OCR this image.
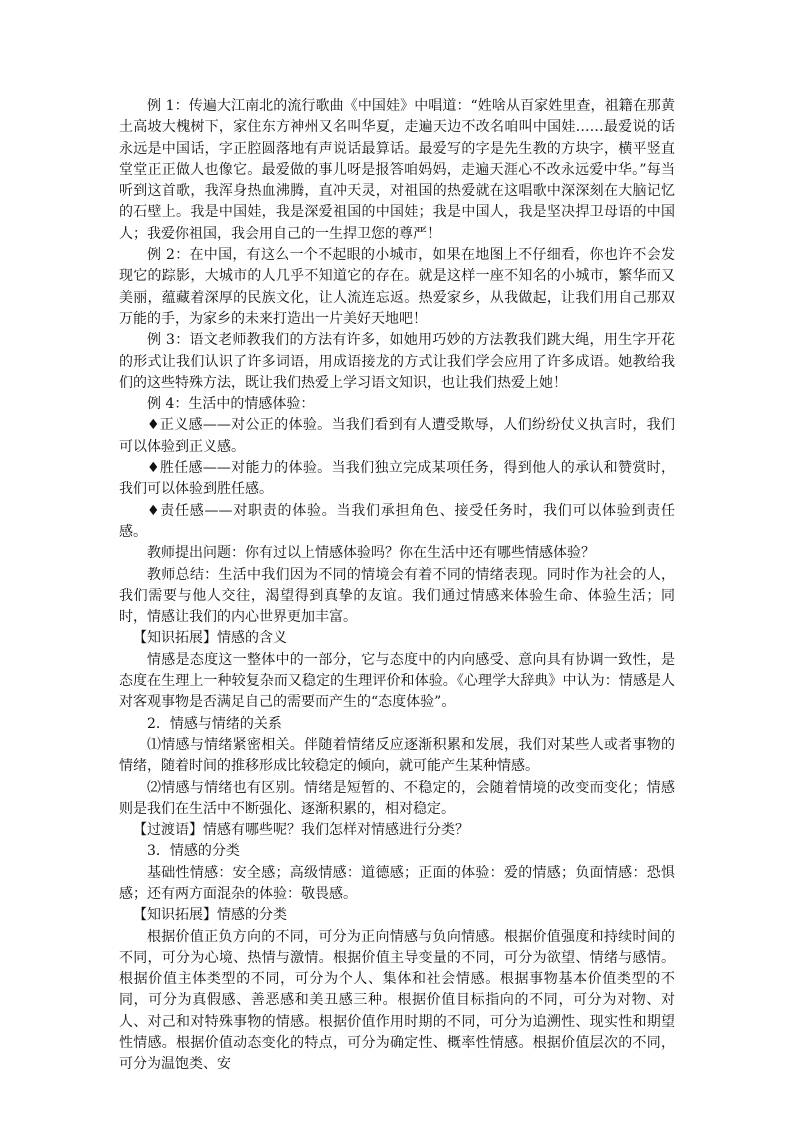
例 1：传遍大江南北的流行歌曲《中国娃》中唱道：“姓啥从百家姓里查，祖籍在那黄土高坡大槐树下，家住东方神州又名叫华夏，走遍天边不改名咱叫中国娃……最爱说的话永远是中国话，字正腔圆落地有声说话最算话。最爱写的字是先生教的方块字，横平竖直堂堂正正做人也像它。最爱做的事儿呀是报答咱妈妈，走遍天涯心不改永远爱中华。”每当听到这首歌，我浑身热血沸腾，直冲天灵，对祖国的热爱就在这唱歌中深深刻在大脑记忆的石壁上。我是中国娃，我是深爱祖国的中国娃；我是中国人，我是坚决捍卫母语的中国人；我爱你祖国，我会用自己的一生捍卫您的尊严！

例 2：在中国，有这么一个不起眼的小城市，如果在地图上不仔细看，你也许不会发现它的踪影，大城市的人几乎不知道它的存在。就是这样一座不知名的小城市，繁华而又美丽，蕴藏着深厚的民族文化，让人流连忘返。热爱家乡，从我做起，让我们用自己那双万能的手，为家乡的未来打造出一片美好天地吧！

例 3：语文老师教我们的方法有许多，如她用巧妙的方法教我们跳大绳，用生字开花的形式让我们认识了许多词语，用成语接龙的方式让我们学会应用了许多成语。她教给我们的这些特殊方法，既让我们热爱上学习语文知识，也让我们热爱上她！

例 4：生活中的情感体验：

♦正义感——对公正的体验。当我们看到有人遭受欺辱，人们纷纷仗义执言时，我们可以体验到正义感。

♦胜任感——对能力的体验。当我们独立完成某项任务，得到他人的承认和赞赏时，我们可以体验到胜任感。

♦责任感——对职责的体验。当我们承担角色、接受任务时，我们可以体验到责任感。

教师提出问题：你有过以上情感体验吗？你在生活中还有哪些情感体验？

教师总结：生活中我们因为不同的情境会有着不同的情绪表现。同时作为社会的人，我们需要与他人交往，渴望得到真挚的友谊。我们通过情感来体验生命、体验生活；同时，情感让我们的内心世界更加丰富。

【知识拓展】情感的含义

情感是态度这一整体中的一部分，它与态度中的内向感受、意向具有协调一致性，是态度在生理上一种较复杂而又稳定的生理评价和体验。《心理学大辞典》中认为：情感是人对客观事物是否满足自己的需要而产生的“态度体验”。

2．情感与情绪的关系

⑴情感与情绪紧密相关。伴随着情绪反应逐渐积累和发展，我们对某些人或者事物的情绪，随着时间的推移形成比较稳定的倾向，就可能产生某种情感。

⑵情感与情绪也有区别。情绪是短暂的、不稳定的，会随着情境的改变而变化；情感则是我们在生活中不断强化、逐渐积累的，相对稳定。

【过渡语】情感有哪些呢？我们怎样对情感进行分类？

3．情感的分类

基础性情感：安全感；高级情感：道德感；正面的体验：爱的情感；负面情感：恐惧感；还有两方面混杂的体验：敬畏感。

【知识拓展】情感的分类

根据价值正负方向的不同，可分为正向情感与负向情感。根据价值强度和持续时间的不同，可分为心境、热情与激情。根据价值主导变量的不同，可分为欲望、情绪与感情。根据价值主体类型的不同，可分为个人、集体和社会情感。根据事物基本价值类型的不同，可分为真假感、善恶感和美丑感三种。根据价值目标指向的不同，可分为对物、对人、对己和对特殊事物的情感。根据价值作用时期的不同，可分为追溯性、现实性和期望性情感。根据价值动态变化的特点，可分为确定性、概率性情感。根据价值层次的不同，可分为温饱类、安
